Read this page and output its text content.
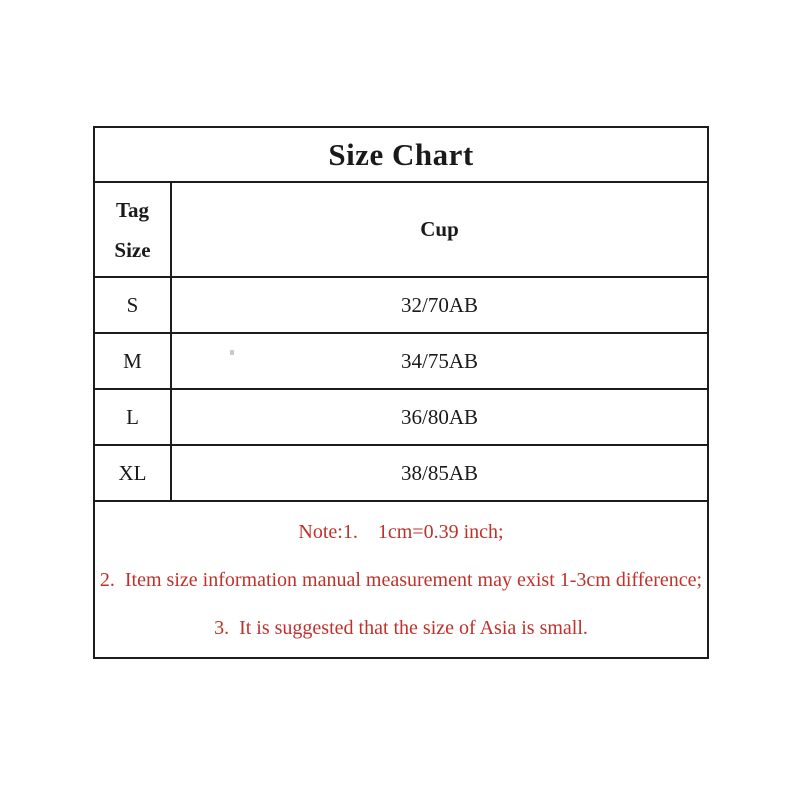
Size Chart	

Tag
Size	Cup
S	32/70AB
M	34/75AB
L	36/80AB
XL	38/85AB

Note:1.    1cm=0.39 inch;
2.  Item size information manual measurement may exist 1-3cm difference;
3.  It is suggested that the size of Asia is small.	
